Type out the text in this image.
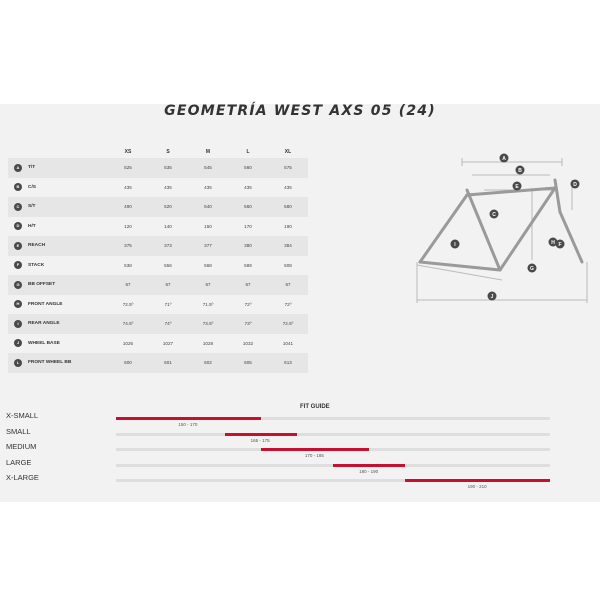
GEOMETRÍA WEST AXS 05 (24)
		XS	S	M	L	XL
A	T/T	525	535	545	560	575
B	C/S	435	435	435	435	435
C	S/T	490	520	540	560	580
D	H/T	120	140	150	170	190
E	REACH	375	373	377	380	384
F	STACK	538	556	568	589	608
G	BB OFFSET	67	67	67	67	67
H	FRONT ANGLE	72.5º	71º	71.5º	72º	72º
I	REAR ANGLE	74.5º	74º	73.5º	73º	72.5º
J	WHEEL BASE	1026	1027	1028	1032	1041
L	FRONT WHEEL BB	600	601	602	605	613
A
B
C
D
E
F
G
H
I
J
FIT GUIDE
X-SMALL
150 - 170
SMALL
165 - 175
MEDIUM
170 - 185
LARGE
180 - 190
X-LARGE
190 - 210
